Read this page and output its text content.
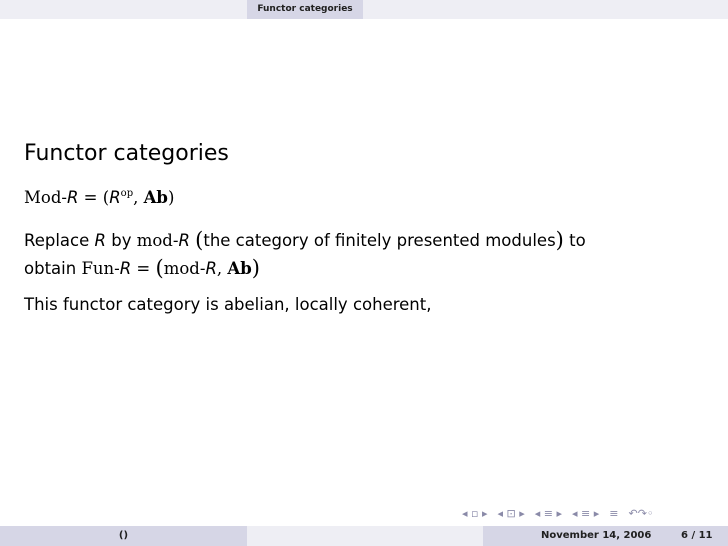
Functor categories
Functor categories
$Mod-R = (R^{op}$, Ab)
Replace R by mod-R (the category of finitely presented modules) to
obtain Fun-R = (mod-R, Ab)
This functor category is abelian, locally coherent,
◂ ▫ ▸ ◂ ⊡ ▸ ◂ ≡ ▸ ◂ ≡ ▸ ≡ ↶↷◦
()	November 14, 2006	6 / 11
